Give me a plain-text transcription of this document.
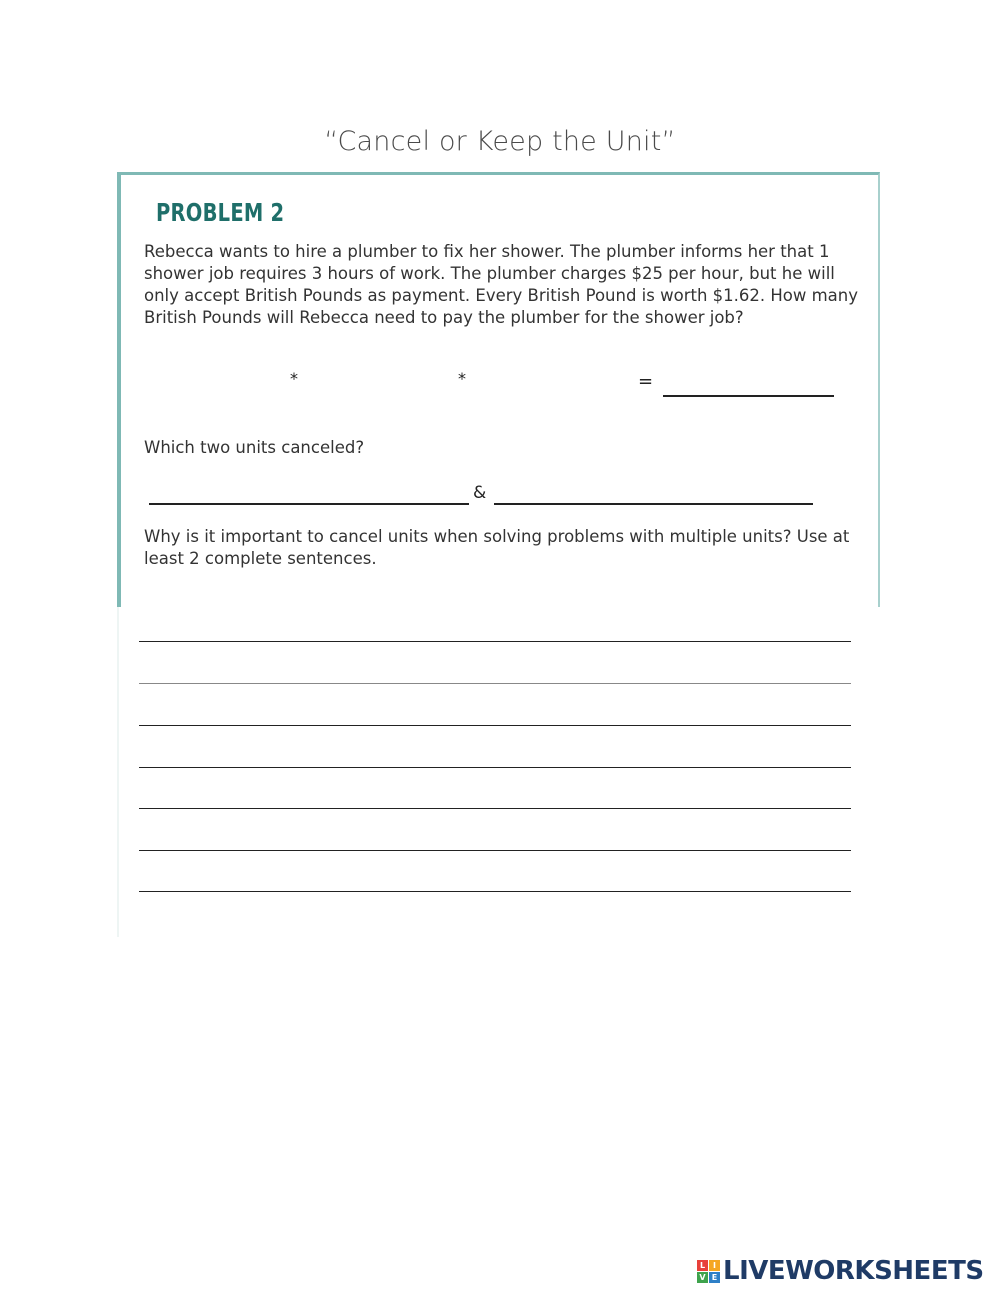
“Cancel or Keep the Unit”
PROBLEM 2
Rebecca wants to hire a plumber to fix her shower. The plumber informs her that 1 shower job requires 3 hours of work. The plumber charges $25 per hour, but he will only accept British Pounds as payment. Every British Pound is worth $1.62. How many British Pounds will Rebecca need to pay the plumber for the shower job?
*	*	=
Which two units canceled?
&
Why is it important to cancel units when solving problems with multiple units? Use at least 2 complete sentences.
L I
V E LIVEWORKSHEETS
